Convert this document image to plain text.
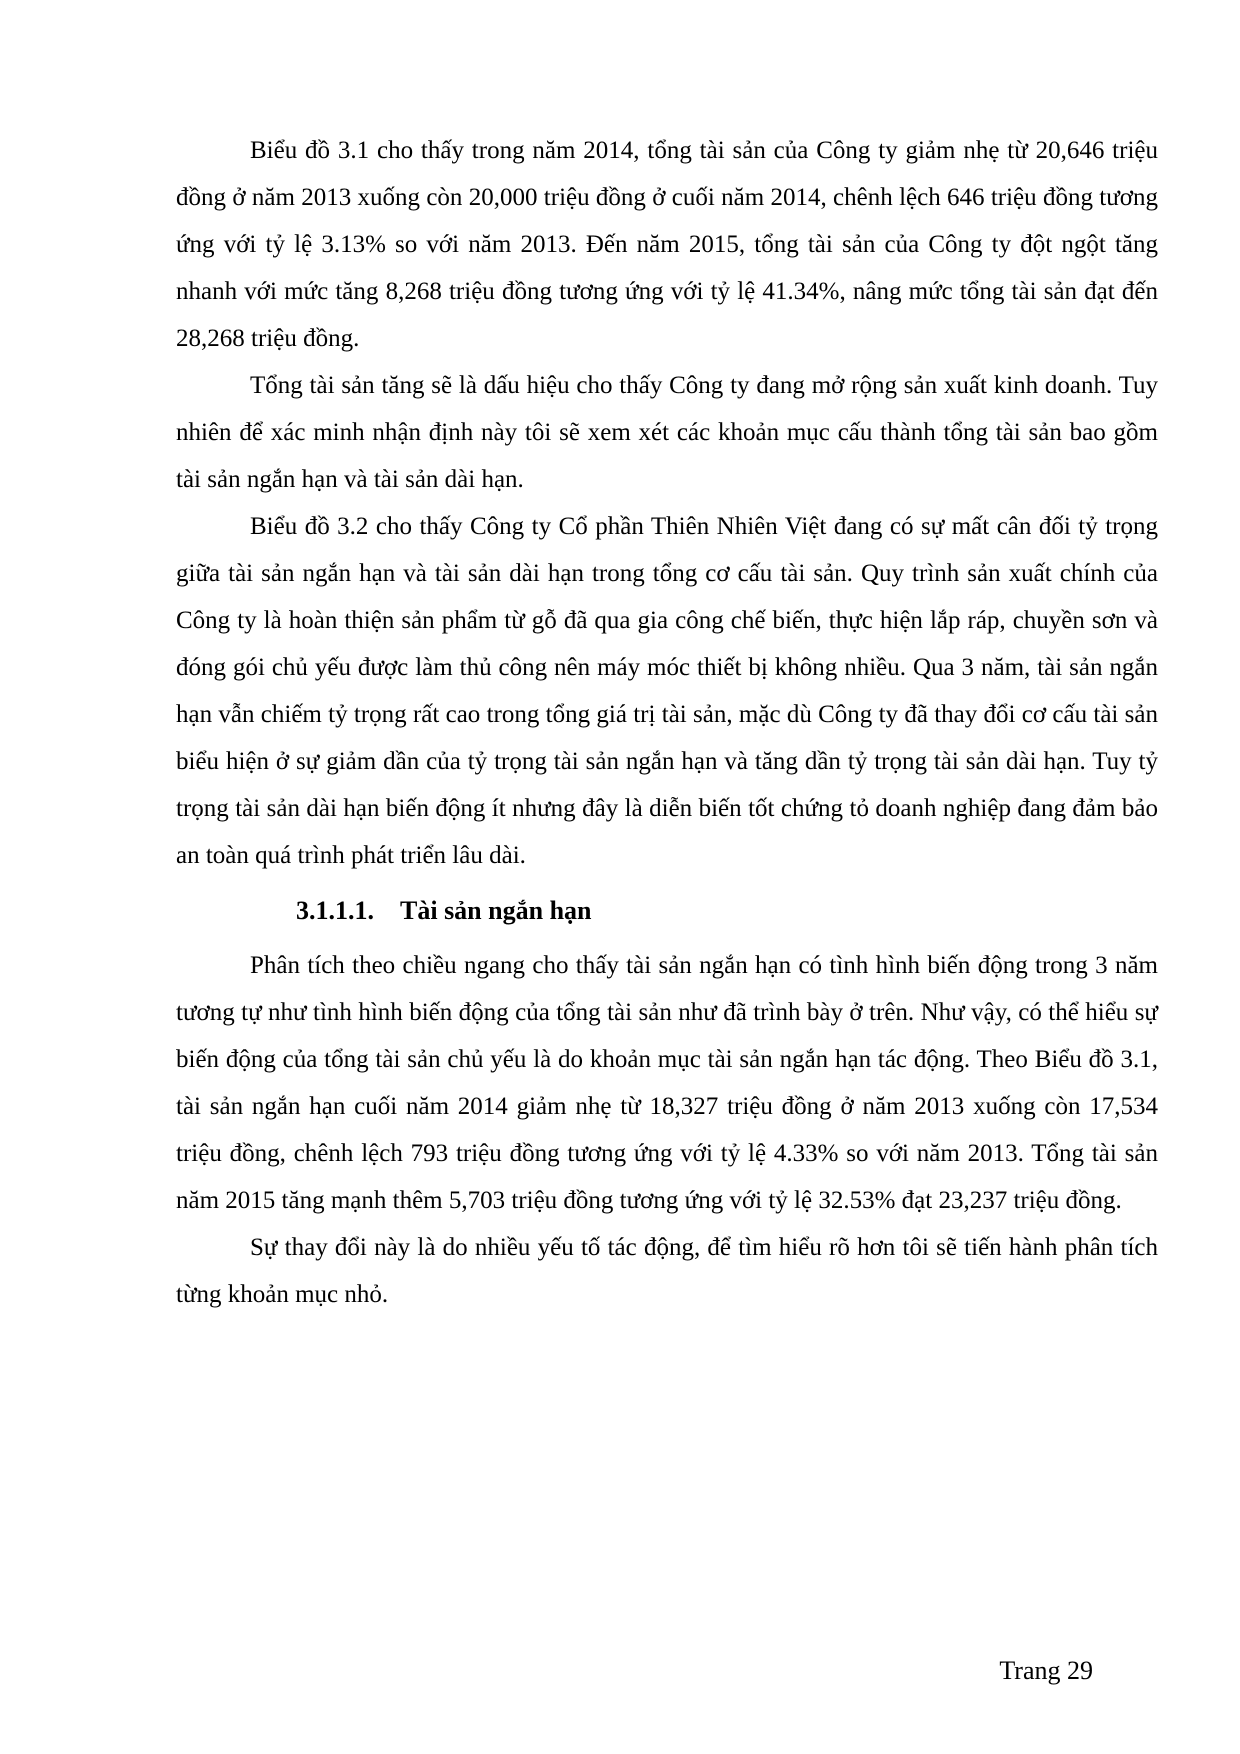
Biểu đồ 3.1 cho thấy trong năm 2014, tổng tài sản của Công ty giảm nhẹ từ 20,646 triệu đồng ở năm 2013 xuống còn 20,000 triệu đồng ở cuối năm 2014, chênh lệch 646 triệu đồng tương ứng với tỷ lệ 3.13% so với năm 2013. Đến năm 2015, tổng tài sản của Công ty đột ngột tăng nhanh với mức tăng 8,268 triệu đồng tương ứng với tỷ lệ 41.34%, nâng mức tổng tài sản đạt đến 28,268 triệu đồng.

Tổng tài sản tăng sẽ là dấu hiệu cho thấy Công ty đang mở rộng sản xuất kinh doanh. Tuy nhiên để xác minh nhận định này tôi sẽ xem xét các khoản mục cấu thành tổng tài sản bao gồm tài sản ngắn hạn và tài sản dài hạn.

Biểu đồ 3.2 cho thấy Công ty Cổ phần Thiên Nhiên Việt đang có sự mất cân đối tỷ trọng giữa tài sản ngắn hạn và tài sản dài hạn trong tổng cơ cấu tài sản. Quy trình sản xuất chính của Công ty là hoàn thiện sản phẩm từ gỗ đã qua gia công chế biến, thực hiện lắp ráp, chuyền sơn và đóng gói chủ yếu được làm thủ công nên máy móc thiết bị không nhiều. Qua 3 năm, tài sản ngắn hạn vẫn chiếm tỷ trọng rất cao trong tổng giá trị tài sản, mặc dù Công ty đã thay đổi cơ cấu tài sản biểu hiện ở sự giảm dần của tỷ trọng tài sản ngắn hạn và tăng dần tỷ trọng tài sản dài hạn. Tuy tỷ trọng tài sản dài hạn biến động ít nhưng đây là diễn biến tốt chứng tỏ doanh nghiệp đang đảm bảo an toàn quá trình phát triển lâu dài.

3.1.1.1. Tài sản ngắn hạn

Phân tích theo chiều ngang cho thấy tài sản ngắn hạn có tình hình biến động trong 3 năm tương tự như tình hình biến động của tổng tài sản như đã trình bày ở trên. Như vậy, có thể hiểu sự biến động của tổng tài sản chủ yếu là do khoản mục tài sản ngắn hạn tác động. Theo Biểu đồ 3.1, tài sản ngắn hạn cuối năm 2014 giảm nhẹ từ 18,327 triệu đồng ở năm 2013 xuống còn 17,534 triệu đồng, chênh lệch 793 triệu đồng tương ứng với tỷ lệ 4.33% so với năm 2013. Tổng tài sản năm 2015 tăng mạnh thêm 5,703 triệu đồng tương ứng với tỷ lệ 32.53% đạt 23,237 triệu đồng.

Sự thay đổi này là do nhiều yếu tố tác động, để tìm hiểu rõ hơn tôi sẽ tiến hành phân tích từng khoản mục nhỏ.

Trang 29
